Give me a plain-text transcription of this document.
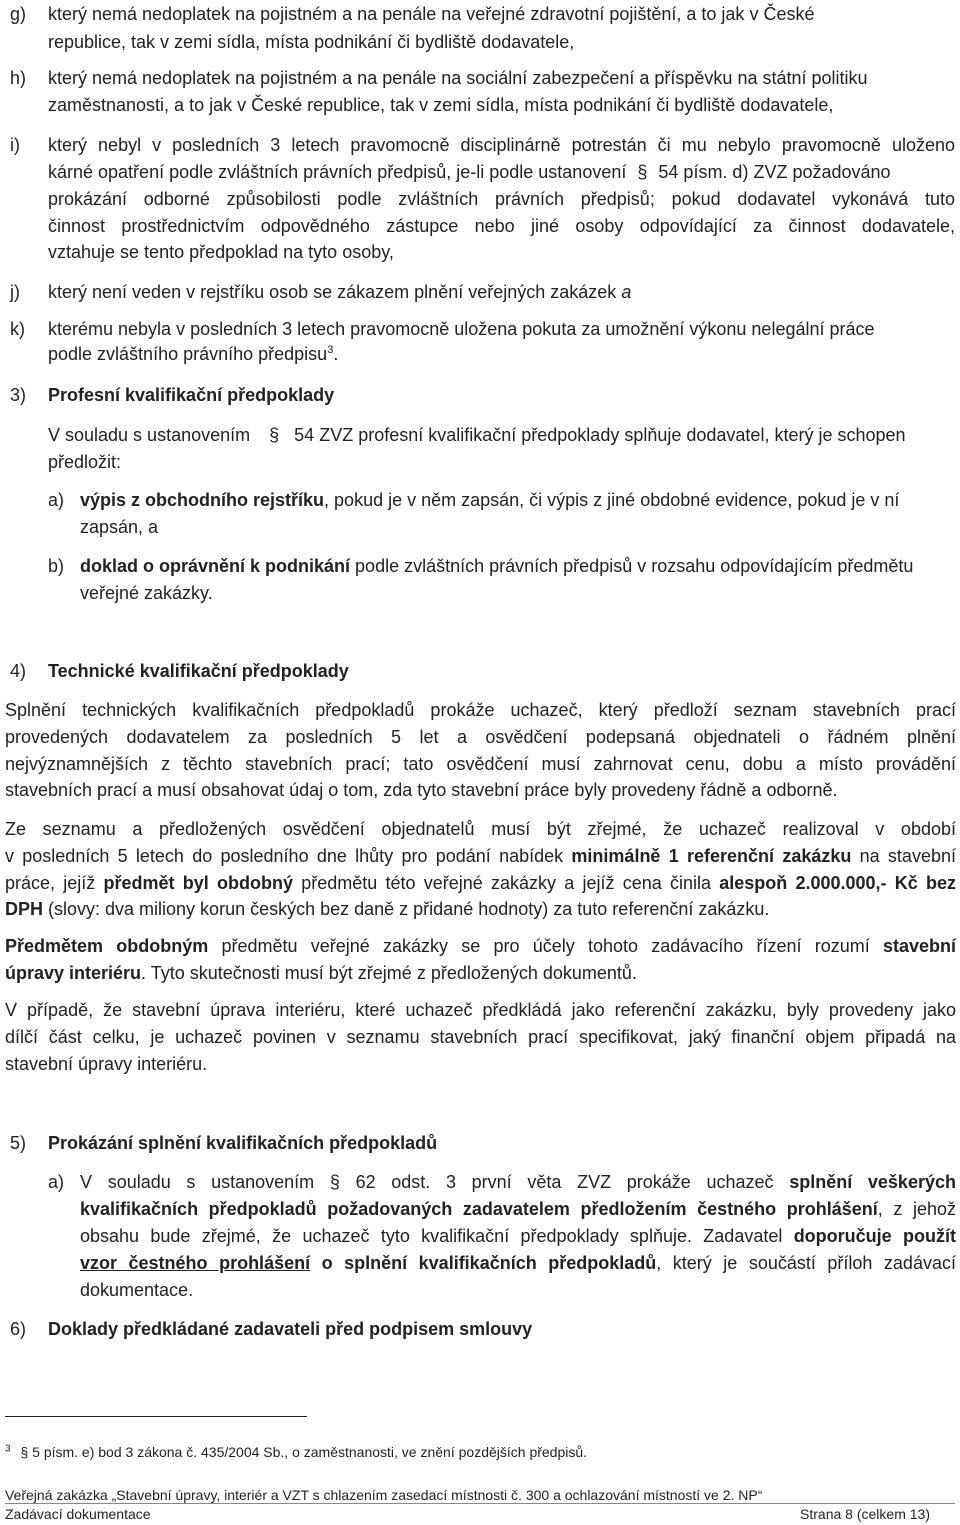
g) který nemá nedoplatek na pojistném a na penále na veřejné zdravotní pojištění, a to jak v České
republice, tak v zemi sídla, místa podnikání či bydliště dodavatele,
h) který nemá nedoplatek na pojistném a na penále na sociální zabezpečení a příspěvku na státní politiku
zaměstnanosti, a to jak v České republice, tak v zemi sídla, místa podnikání či bydliště dodavatele,
i) který nebyl v posledních 3 letech pravomocně disciplinárně potrestán či mu nebylo pravomocně uloženo
kárné opatření podle zvláštních právních předpisů, je-li podle ustanovení § 54 písm. d) ZVZ požadováno
prokázání odborné způsobilosti podle zvláštních právních předpisů; pokud dodavatel vykonává tuto
činnost prostřednictvím odpovědného zástupce nebo jiné osoby odpovídající za činnost dodavatele,
vztahuje se tento předpoklad na tyto osoby,
j) který není veden v rejstříku osob se zákazem plnění veřejných zakázek a
k) kterému nebyla v posledních 3 letech pravomocně uložena pokuta za umožnění výkonu nelegální práce
podle zvláštního právního předpisu$^3$.
3) Profesní kvalifikační předpoklady
V souladu s ustanovením § 54 ZVZ profesní kvalifikační předpoklady splňuje dodavatel, který je schopen
předložit:
a) výpis z obchodního rejstříku, pokud je v něm zapsán, či výpis z jiné obdobné evidence, pokud je v ní
zapsán, a
b) doklad o oprávnění k podnikání podle zvláštních právních předpisů v rozsahu odpovídajícím předmětu
veřejné zakázky.
4) Technické kvalifikační předpoklady
Splnění technických kvalifikačních předpokladů prokáže uchazeč, který předloží seznam stavebních prací
provedených dodavatelem za posledních 5 let a osvědčení podepsaná objednateli o řádném plnění
nejvýznamnějších z těchto stavebních prací; tato osvědčení musí zahrnovat cenu, dobu a místo provádění
stavebních prací a musí obsahovat údaj o tom, zda tyto stavební práce byly provedeny řádně a odborně.
Ze seznamu a předložených osvědčení objednatelů musí být zřejmé, že uchazeč realizoval v období
v posledních 5 letech do posledního dne lhůty pro podání nabídek minimálně 1 referenční zakázku na stavební
práce, jejíž předmět byl obdobný předmětu této veřejné zakázky a jejíž cena činila alespoň 2.000.000,- Kč bez
DPH (slovy: dva miliony korun českých bez daně z přidané hodnoty) za tuto referenční zakázku.
Předmětem obdobným předmětu veřejné zakázky se pro účely tohoto zadávacího řízení rozumí stavební
úpravy interiéru. Tyto skutečnosti musí být zřejmé z předložených dokumentů.
V případě, že stavební úprava interiéru, které uchazeč předkládá jako referenční zakázku, byly provedeny jako
dílčí část celku, je uchazeč povinen v seznamu stavebních prací specifikovat, jaký finanční objem připadá na
stavební úpravy interiéru.
5) Prokázání splnění kvalifikačních předpokladů
a) V souladu s ustanovením § 62 odst. 3 první věta ZVZ prokáže uchazeč splnění veškerých
kvalifikačních předpokladů požadovaných zadavatelem předložením čestného prohlášení, z jehož
obsahu bude zřejmé, že uchazeč tyto kvalifikační předpoklady splňuje. Zadavatel doporučuje použít
vzor čestného prohlášení o splnění kvalifikačních předpokladů, který je součástí příloh zadávací
dokumentace.
6) Doklady předkládané zadavateli před podpisem smlouvy
$^3$ § 5 písm. e) bod 3 zákona č. 435/2004 Sb., o zaměstnanosti, ve znění pozdějších předpisů.
Veřejná zakázka „Stavební úpravy, interiér a VZT s chlazením zasedací místnosti č. 300 a ochlazování místností ve 2. NP“
Zadávací dokumentace	Strana 8 (celkem 13)
